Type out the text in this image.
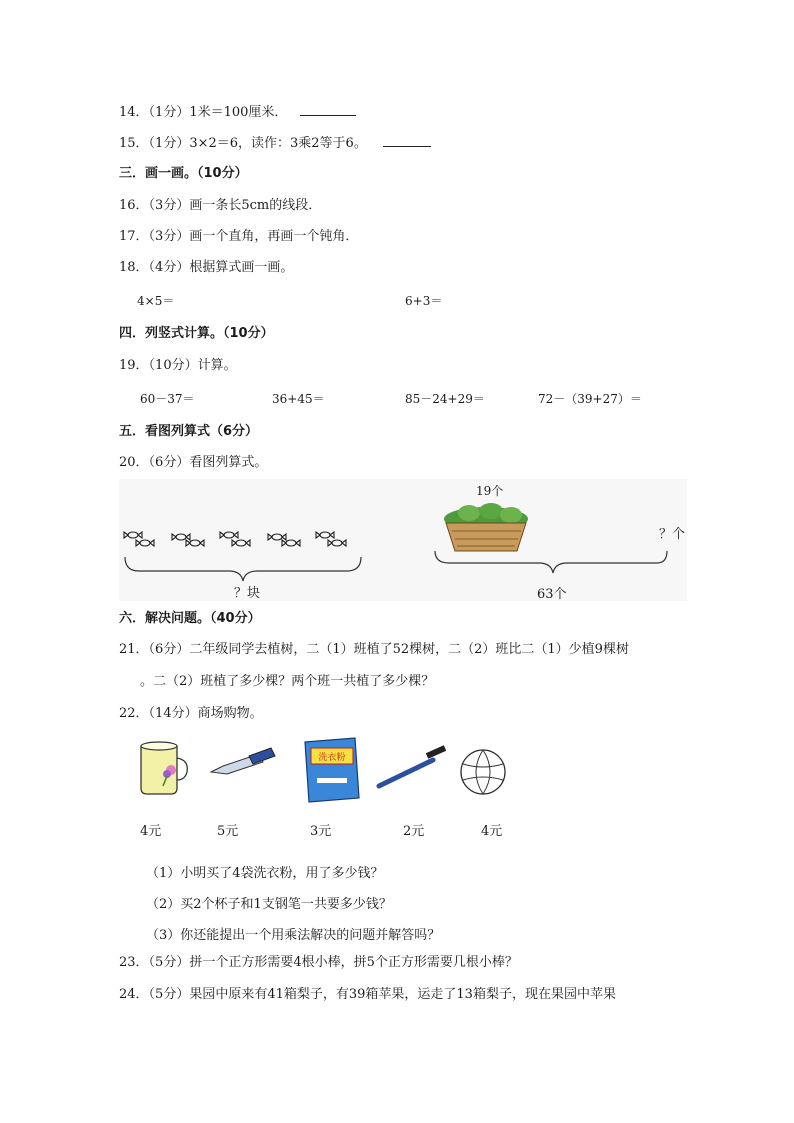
14．（1分）1米＝100厘米．
15．（1分）3×2＝6，读作：3乘2等于6。
三．画一画。（10分）
16．（3分）画一条长5cm的线段．
17．（3分）画一个直角，再画一个钝角．
18．（4分）根据算式画一画。
4×5＝	6+3＝
四．列竖式计算。（10分）
19．（10分）计算。
60－37＝	36+45＝	85－24+29＝	72－（39+27）＝
五．看图列算式（6分）
20．（6分）看图列算式。
？块
19个
？个
63个
六．解决问题。（40分）
21．（6分）二年级同学去植树，二（1）班植了52棵树，二（2）班比二（1）少植9棵树
。二（2）班植了多少棵？两个班一共植了多少棵？
22．（14分）商场购物。
洗衣粉
4元	5元	3元	2元	4元
（1）小明买了4袋洗衣粉，用了多少钱？
（2）买2个杯子和1支钢笔一共要多少钱？
（3）你还能提出一个用乘法解决的问题并解答吗？
23．（5分）拼一个正方形需要4根小棒，拼5个正方形需要几根小棒？
24．（5分）果园中原来有41箱梨子，有39箱苹果，运走了13箱梨子，现在果园中苹果
